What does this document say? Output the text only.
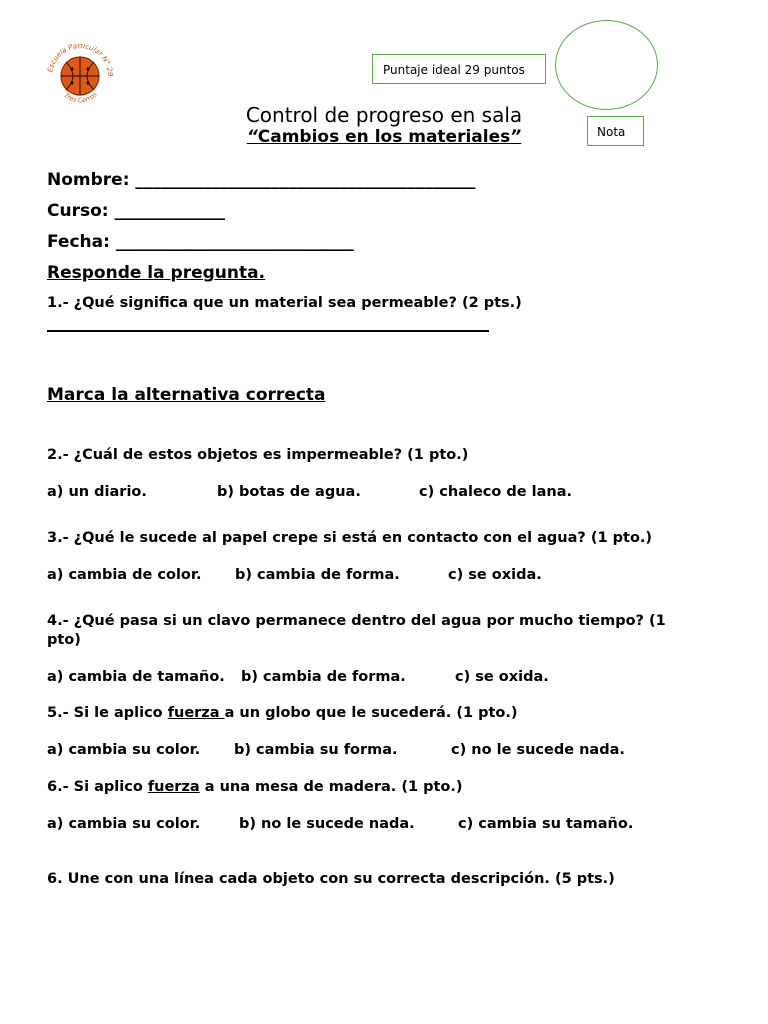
Escuela Particular N° 29
Tres Cerros
Puntaje ideal 29 puntos
Nota
Control de progreso en sala
“Cambios en los materiales”
Nombre: ________________________________________
Curso: _____________
Fecha: ____________________________
Responde la pregunta.
1.- ¿Qué significa que un material sea permeable? (2 pts.)
Marca la alternativa correcta
2.- ¿Cuál de estos objetos es impermeable? (1 pto.)
a) un diario.	b) botas de agua.	c) chaleco de lana.
3.- ¿Qué le sucede al papel crepe si está en contacto con el agua? (1 pto.)
a) cambia de color. b) cambia de forma.	c) se oxida.
4.- ¿Qué pasa si un clavo permanece dentro del agua por mucho tiempo? (1
pto)
a) cambia de tamaño. b) cambia de forma.	c) se oxida.
5.- Si le aplico fuerza a un globo que le sucederá. (1 pto.)
a) cambia su color. b) cambia su forma.	c) no le sucede nada.
6.- Si aplico fuerza a una mesa de madera. (1 pto.)
a) cambia su color.	b) no le sucede nada.	c) cambia su tamaño.
6. Une con una línea cada objeto con su correcta descripción. (5 pts.)
